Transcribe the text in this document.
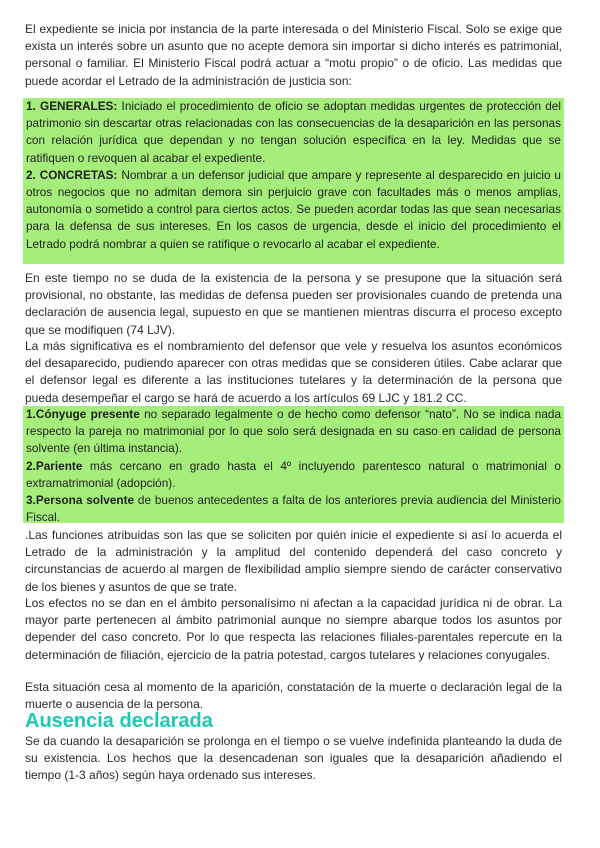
El expediente se inicia por instancia de la parte interesada o del Ministerio Fiscal. Solo se exige que exista un interés sobre un asunto que no acepte demora sin importar si dicho interés es patrimonial, personal o familiar. El Ministerio Fiscal podrá actuar a “motu propio” o de oficio. Las medidas que puede acordar el Letrado de la administración de justicia son:

1. GENERALES: Iniciado el procedimiento de oficio se adoptan medidas urgentes de protección del patrimonio sin descartar otras relacionadas con las consecuencias de la desaparición en las personas con relación jurídica que dependan y no tengan solución específica en la ley. Medidas que se ratifiquen o revoquen al acabar el expediente.

2. CONCRETAS: Nombrar a un defensor judicial que ampare y represente al desparecido en juicio u otros negocios que no admitan demora sin perjuicio grave con facultades más o menos amplias, autonomía o sometido a control para ciertos actos. Se pueden acordar todas las que sean necesarias para la defensa de sus intereses. En los casos de urgencia, desde el inicio del procedimiento el Letrado podrá nombrar a quien se ratifique o revocarlo al acabar el expediente.

En este tiempo no se duda de la existencia de la persona y se presupone que la situación será provisional, no obstante, las medidas de defensa pueden ser provisionales cuando de pretenda una declaración de ausencia legal, supuesto en que se mantienen mientras discurra el proceso excepto que se modifiquen (74 LJV).

La más significativa es el nombramiento del defensor que vele y resuelva los asuntos económicos del desaparecido, pudiendo aparecer con otras medidas que se consideren útiles. Cabe aclarar que el defensor legal es diferente a las instituciones tutelares y la determinación de la persona que pueda desempeñar el cargo se hará de acuerdo a los artículos 69 LJC y 181.2 CC.

1.Cónyuge presente no separado legalmente o de hecho como defensor “nato”. No se indica nada respecto la pareja no matrimonial por lo que solo será designada en su caso en calidad de persona solvente (en última instancia).

2.Pariente más cercano en grado hasta el 4º incluyendo parentesco natural o matrimonial o extramatrimonial (adopción).

3.Persona solvente de buenos antecedentes a falta de los anteriores previa audiencia del Ministerio Fiscal.

.Las funciones atribuidas son las que se soliciten por quién inicie el expediente si así lo acuerda el Letrado de la administración y la amplitud del contenido dependerá del caso concreto y circunstancias de acuerdo al margen de flexibilidad amplio siempre siendo de carácter conservativo de los bienes y asuntos de que se trate.

Los efectos no se dan en el ámbito personalísimo ni afectan a la capacidad jurídica ni de obrar. La mayor parte pertenecen al ámbito patrimonial aunque no siempre abarque todos los asuntos por depender del caso concreto. Por lo que respecta las relaciones filiales-parentales repercute en la determinación de filiación, ejercicio de la patria potestad, cargos tutelares y relaciones conyugales.

Esta situación cesa al momento de la aparición, constatación de la muerte o declaración legal de la muerte o ausencia de la persona.

Ausencia declarada

Se da cuando la desaparición se prolonga en el tiempo o se vuelve indefinida planteando la duda de su existencia. Los hechos que la desencadenan son iguales que la desaparición añadiendo el tiempo (1-3 años) según haya ordenado sus intereses.
